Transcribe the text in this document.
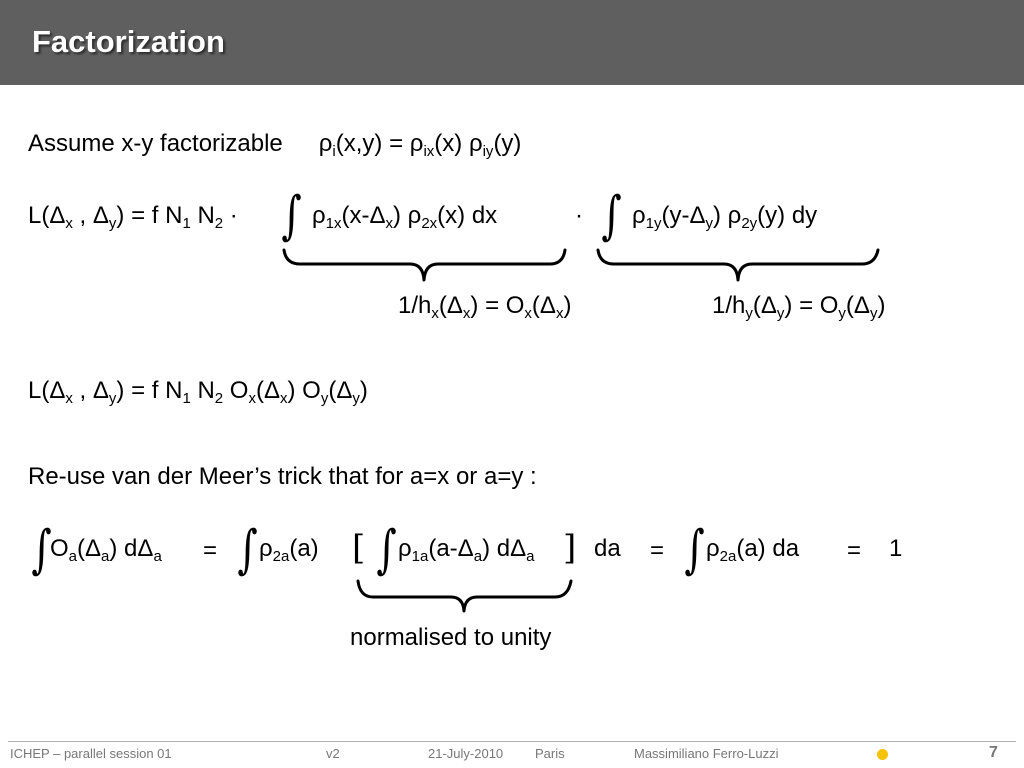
Factorization
Assume x-y factorizable $\rho_i(x,y) = \rho_{ix}(x)$ $\rho_{iy}(y)$
$L(\Delta_x$ , $\Delta_y) = f$ $N_1$ $N_2$ · ∫ $\rho_{1x}(x-\Delta_x)$ $\rho_{2x}(x)$ dx	· ∫ $\rho_{1y}(y-\Delta_y)$ $\rho_{2y}(y)$ dy
$1/h_x(\Delta_x) = O_x(\Delta_x)$	$1/h_y(\Delta_y) = O_y(\Delta_y)$
$L(\Delta_x$ , $\Delta_y) = f$ $N_1$ $N_2$ $O_x(\Delta_x)$ $O_y(\Delta_y)$
Re-use van der Meer’s trick that for a=x or a=y :
∫
$O_a(\Delta_a) d\Delta_a$ = ∫ $\rho_{2a}(a)$ [ ∫ $\rho_{1a}(a-\Delta_a)$ $d\Delta_a$ ] da = ∫ $\rho_{2a}(a)$ da = 1
normalised to unity
ICHEP – parallel session 01	v2	21-July-2010 Paris	Massimiliano Ferro-Luzzi	7
